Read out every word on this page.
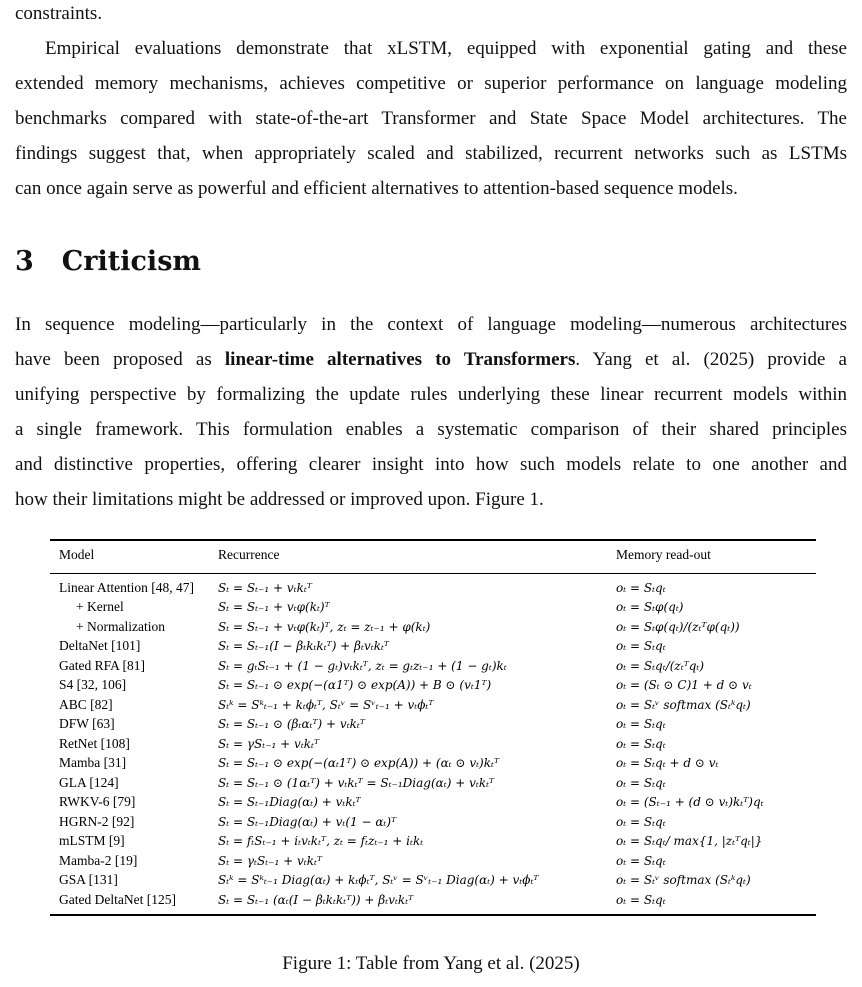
constraints.
Empirical evaluations demonstrate that xLSTM, equipped with exponential gating and these
extended memory mechanisms, achieves competitive or superior performance on language modeling
benchmarks compared with state-of-the-art Transformer and State Space Model architectures. The
findings suggest that, when appropriately scaled and stabilized, recurrent networks such as LSTMs
can once again serve as powerful and efficient alternatives to attention-based sequence models.
3 Criticism
In sequence modeling—particularly in the context of language modeling—numerous architectures
have been proposed as linear-time alternatives to Transformers. Yang et al. (2025) provide a
unifying perspective by formalizing the update rules underlying these linear recurrent models within
a single framework. This formulation enables a systematic comparison of their shared principles
and distinctive properties, offering clearer insight into how such models relate to one another and
how their limitations might be addressed or improved upon. Figure 1.
Model	Recurrence	Memory read-out
Linear Attention [48, 47]	Sₜ = Sₜ₋₁ + vₜkₜᵀ	oₜ = Sₜqₜ
+ Kernel	Sₜ = Sₜ₋₁ + vₜφ(kₜ)ᵀ	oₜ = Sₜφ(qₜ)
+ Normalization	Sₜ = Sₜ₋₁ + vₜφ(kₜ)ᵀ, zₜ = zₜ₋₁ + φ(kₜ)	oₜ = Sₜφ(qₜ)/(zₜᵀφ(qₜ))
DeltaNet [101]	Sₜ = Sₜ₋₁(I − βₜkₜkₜᵀ) + βₜvₜkₜᵀ	oₜ = Sₜqₜ
Gated RFA [81]	Sₜ = gₜSₜ₋₁ + (1 − gₜ)vₜkₜᵀ, zₜ = gₜzₜ₋₁ + (1 − gₜ)kₜ	oₜ = Sₜqₜ/(zₜᵀqₜ)
S4 [32, 106]	Sₜ = Sₜ₋₁ ⊙ exp(−(α1ᵀ) ⊙ exp(A)) + B ⊙ (vₜ1ᵀ)	oₜ = (Sₜ ⊙ C)1 + d ⊙ vₜ
ABC [82]	Sₜᵏ = Sᵏₜ₋₁ + kₜϕₜᵀ, Sₜᵛ = Sᵛₜ₋₁ + vₜϕₜᵀ	oₜ = Sₜᵛ softmax (Sₜᵏqₜ)
DFW [63]	Sₜ = Sₜ₋₁ ⊙ (βₜαₜᵀ) + vₜkₜᵀ	oₜ = Sₜqₜ
RetNet [108]	Sₜ = γSₜ₋₁ + vₜkₜᵀ	oₜ = Sₜqₜ
Mamba [31]	Sₜ = Sₜ₋₁ ⊙ exp(−(αₜ1ᵀ) ⊙ exp(A)) + (αₜ ⊙ vₜ)kₜᵀ	oₜ = Sₜqₜ + d ⊙ vₜ
GLA [124]	Sₜ = Sₜ₋₁ ⊙ (1αₜᵀ) + vₜkₜᵀ = Sₜ₋₁Diag(αₜ) + vₜkₜᵀ	oₜ = Sₜqₜ
RWKV-6 [79]	Sₜ = Sₜ₋₁Diag(αₜ) + vₜkₜᵀ	oₜ = (Sₜ₋₁ + (d ⊙ vₜ)kₜᵀ)qₜ
HGRN-2 [92]	Sₜ = Sₜ₋₁Diag(αₜ) + vₜ(1 − αₜ)ᵀ	oₜ = Sₜqₜ
mLSTM [9]	Sₜ = fₜSₜ₋₁ + iₜvₜkₜᵀ, zₜ = fₜzₜ₋₁ + iₜkₜ	oₜ = Sₜqₜ/ max{1, |zₜᵀqₜ|}
Mamba-2 [19]	Sₜ = γₜSₜ₋₁ + vₜkₜᵀ	oₜ = Sₜqₜ
GSA [131]	Sₜᵏ = Sᵏₜ₋₁ Diag(αₜ) + kₜϕₜᵀ, Sₜᵛ = Sᵛₜ₋₁ Diag(αₜ) + vₜϕₜᵀ	oₜ = Sₜᵛ softmax (Sₜᵏqₜ)
Gated DeltaNet [125]	Sₜ = Sₜ₋₁ (αₜ(I − βₜkₜkₜᵀ)) + βₜvₜkₜᵀ	oₜ = Sₜqₜ
Figure 1: Table from Yang et al. (2025)
